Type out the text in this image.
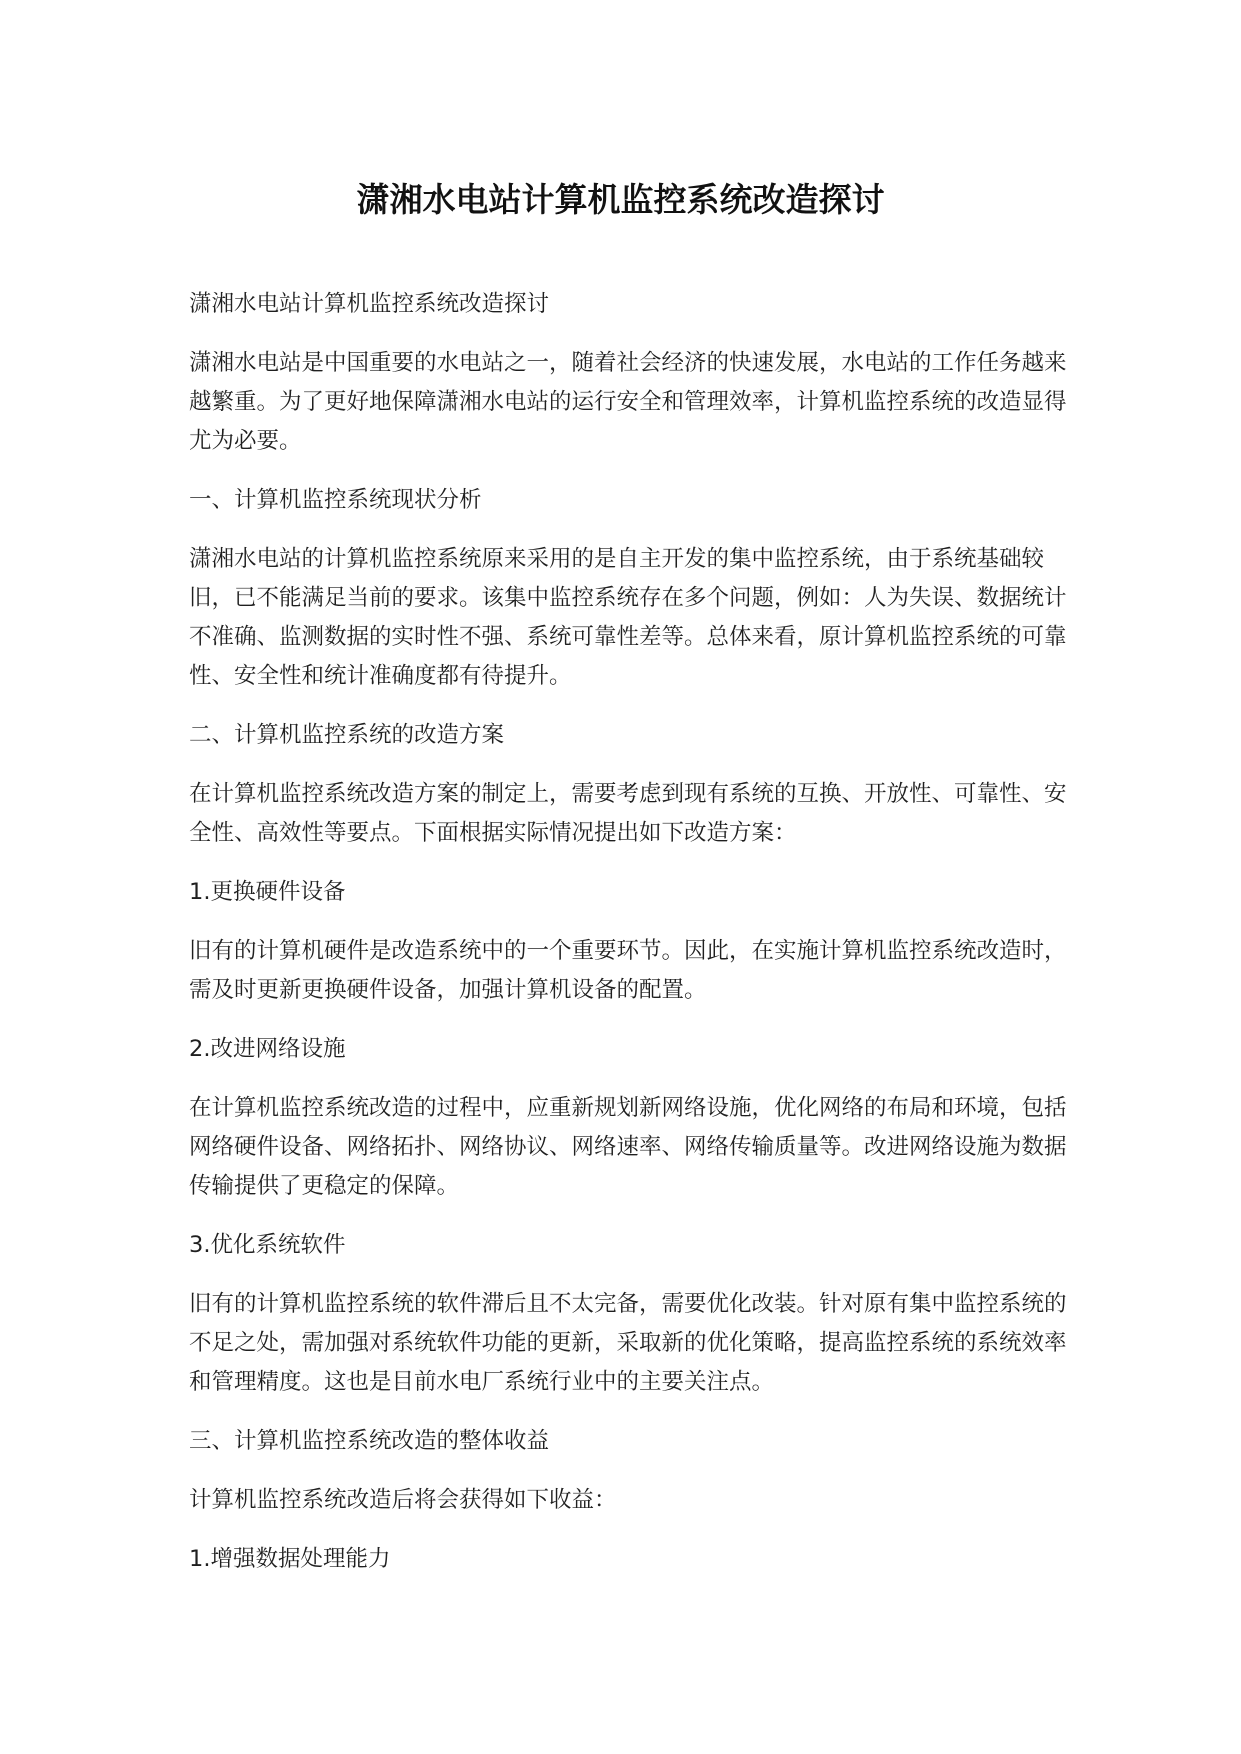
潇湘水电站计算机监控系统改造探讨

潇湘水电站计算机监控系统改造探讨

潇湘水电站是中国重要的水电站之一，随着社会经济的快速发展，水电站的工作任务越来越繁重。为了更好地保障潇湘水电站的运行安全和管理效率，计算机监控系统的改造显得尤为必要。

一、计算机监控系统现状分析

潇湘水电站的计算机监控系统原来采用的是自主开发的集中监控系统，由于系统基础较旧，已不能满足当前的要求。该集中监控系统存在多个问题，例如：人为失误、数据统计不准确、监测数据的实时性不强、系统可靠性差等。总体来看，原计算机监控系统的可靠性、安全性和统计准确度都有待提升。

二、计算机监控系统的改造方案

在计算机监控系统改造方案的制定上，需要考虑到现有系统的互换、开放性、可靠性、安全性、高效性等要点。下面根据实际情况提出如下改造方案：

1.更换硬件设备

旧有的计算机硬件是改造系统中的一个重要环节。因此，在实施计算机监控系统改造时，需及时更新更换硬件设备，加强计算机设备的配置。

2.改进网络设施

在计算机监控系统改造的过程中，应重新规划新网络设施，优化网络的布局和环境，包括网络硬件设备、网络拓扑、网络协议、网络速率、网络传输质量等。改进网络设施为数据传输提供了更稳定的保障。

3.优化系统软件

旧有的计算机监控系统的软件滞后且不太完备，需要优化改装。针对原有集中监控系统的不足之处，需加强对系统软件功能的更新，采取新的优化策略，提高监控系统的系统效率和管理精度。这也是目前水电厂系统行业中的主要关注点。

三、计算机监控系统改造的整体收益

计算机监控系统改造后将会获得如下收益：

1.增强数据处理能力
